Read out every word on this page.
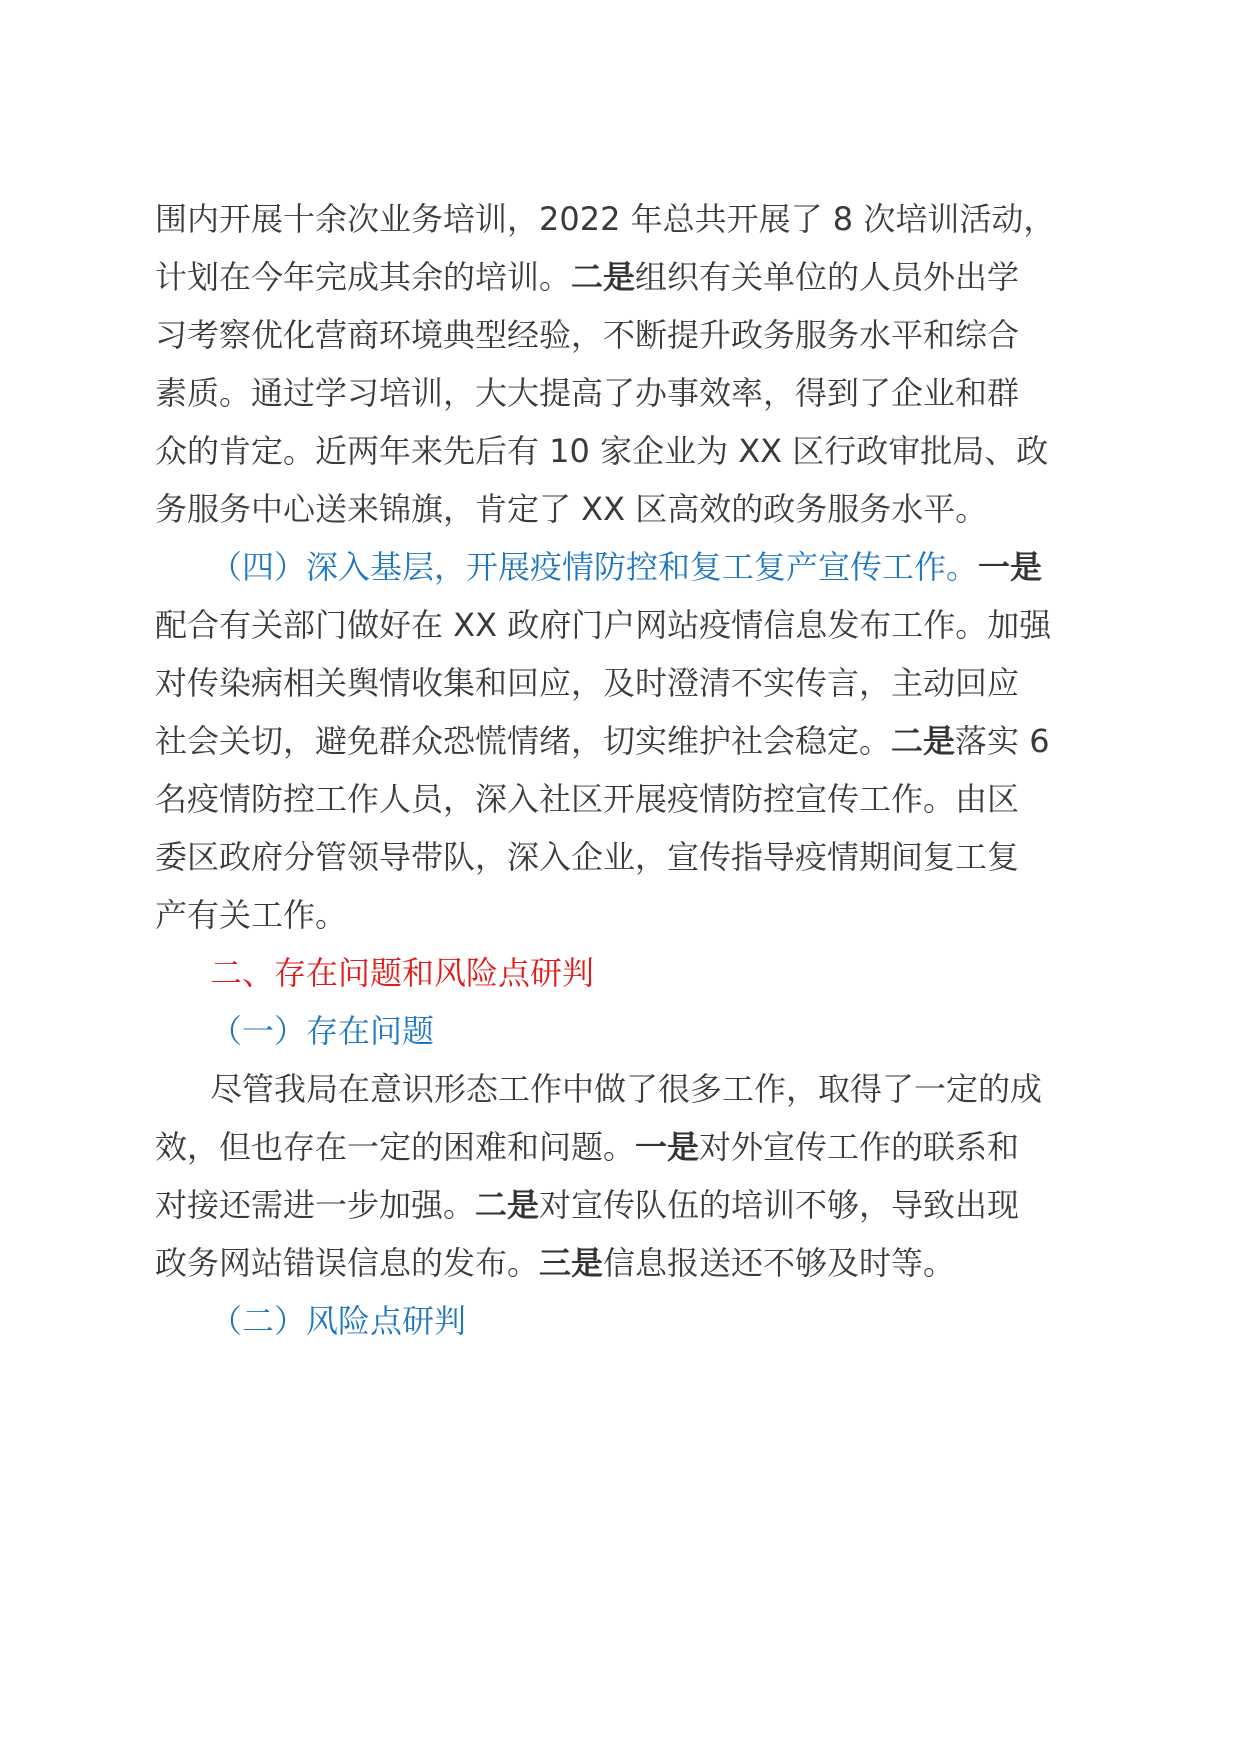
围内开展十余次业务培训，2022 年总共开展了 8 次培训活动，
计划在今年完成其余的培训。二是组织有关单位的人员外出学
习考察优化营商环境典型经验，不断提升政务服务水平和综合
素质。通过学习培训，大大提高了办事效率，得到了企业和群
众的肯定。近两年来先后有 10 家企业为 XX 区行政审批局、政
务服务中心送来锦旗，肯定了 XX 区高效的政务服务水平。
（四）深入基层，开展疫情防控和复工复产宣传工作。一是
配合有关部门做好在 XX 政府门户网站疫情信息发布工作。加强
对传染病相关舆情收集和回应，及时澄清不实传言，主动回应
社会关切，避免群众恐慌情绪，切实维护社会稳定。二是落实 6
名疫情防控工作人员，深入社区开展疫情防控宣传工作。由区
委区政府分管领导带队，深入企业，宣传指导疫情期间复工复
产有关工作。
二、存在问题和风险点研判
（一）存在问题
尽管我局在意识形态工作中做了很多工作，取得了一定的成
效，但也存在一定的困难和问题。一是对外宣传工作的联系和
对接还需进一步加强。二是对宣传队伍的培训不够，导致出现
政务网站错误信息的发布。三是信息报送还不够及时等。
（二）风险点研判
